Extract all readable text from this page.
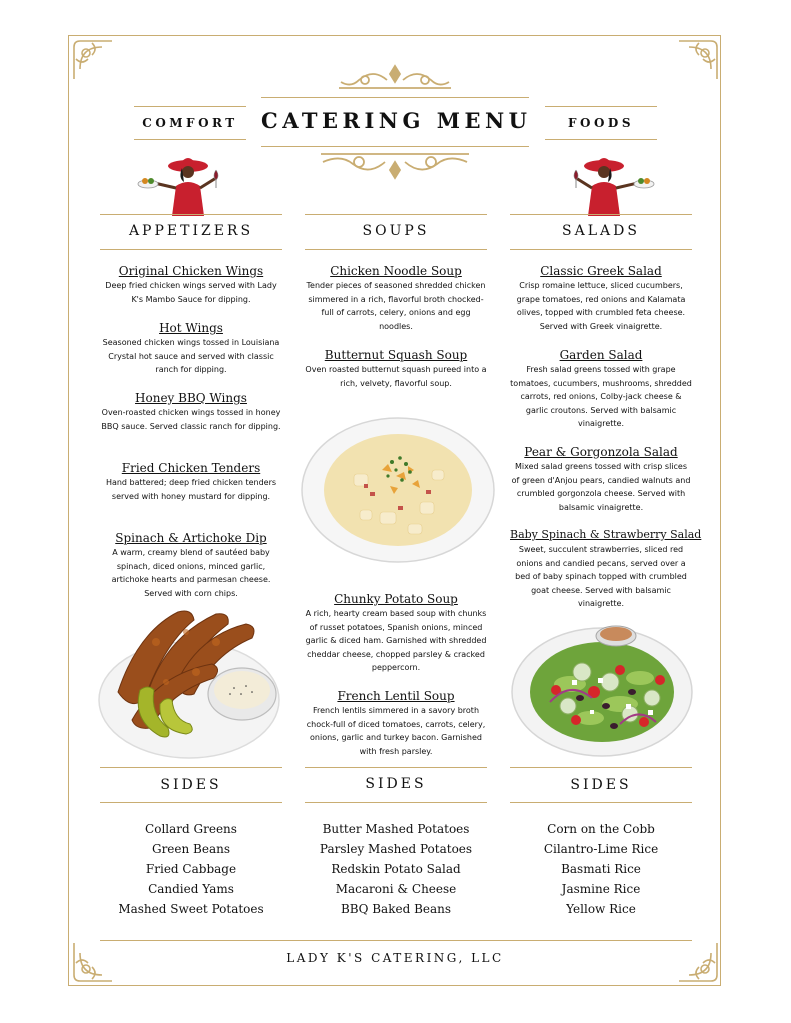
CATERING MENU
COMFORT	FOODS
APPETIZERS	SOUPS	SALADS
Original Chicken Wings
Deep fried chicken wings served with Lady K's Mambo Sauce for dipping.
Hot Wings
Seasoned chicken wings tossed in Louisiana Crystal hot sauce and served with classic ranch for dipping.
Honey BBQ Wings
Oven-roasted chicken wings tossed in honey BBQ sauce. Served classic ranch for dipping.
Fried Chicken Tenders
Hand battered; deep fried chicken tenders served with honey mustard for dipping.
Spinach & Artichoke Dip
A warm, creamy blend of sautéed baby spinach, diced onions, minced garlic, artichoke hearts and parmesan cheese. Served with corn chips.
Chicken Noodle Soup
Tender pieces of seasoned shredded chicken simmered in a rich, flavorful broth chocked-full of carrots, celery, onions and egg noodles.
Butternut Squash Soup
Oven roasted butternut squash pureed into a rich, velvety, flavorful soup.
Chunky Potato Soup
A rich, hearty cream based soup with chunks of russet potatoes, Spanish onions, minced garlic & diced ham. Garnished with shredded cheddar cheese, chopped parsley & cracked peppercorn.
French Lentil Soup
French lentils simmered in a savory broth chock-full of diced tomatoes, carrots, celery, onions, garlic and turkey bacon. Garnished with fresh parsley.
Classic Greek Salad
Crisp romaine lettuce, sliced cucumbers, grape tomatoes, red onions and Kalamata olives, topped with crumbled feta cheese. Served with Greek vinaigrette.
Garden Salad
Fresh salad greens tossed with grape tomatoes, cucumbers, mushrooms, shredded carrots, red onions, Colby-jack cheese & garlic croutons. Served with balsamic vinaigrette.
Pear & Gorgonzola Salad
Mixed salad greens tossed with crisp slices of green d'Anjou pears, candied walnuts and crumbled gorgonzola cheese. Served with balsamic vinaigrette.
Baby Spinach & Strawberry Salad
Sweet, succulent strawberries, sliced red onions and candied pecans, served over a bed of baby spinach topped with crumbled goat cheese. Served with balsamic vinaigrette.
SIDES	SIDES	SIDES
Collard Greens
Green Beans
Fried Cabbage
Candied Yams
Mashed Sweet Potatoes
Butter Mashed Potatoes
Parsley Mashed Potatoes
Redskin Potato Salad
Macaroni & Cheese
BBQ Baked Beans
Corn on the Cobb
Cilantro-Lime Rice
Basmati Rice
Jasmine Rice
Yellow Rice
LADY K'S CATERING, LLC
